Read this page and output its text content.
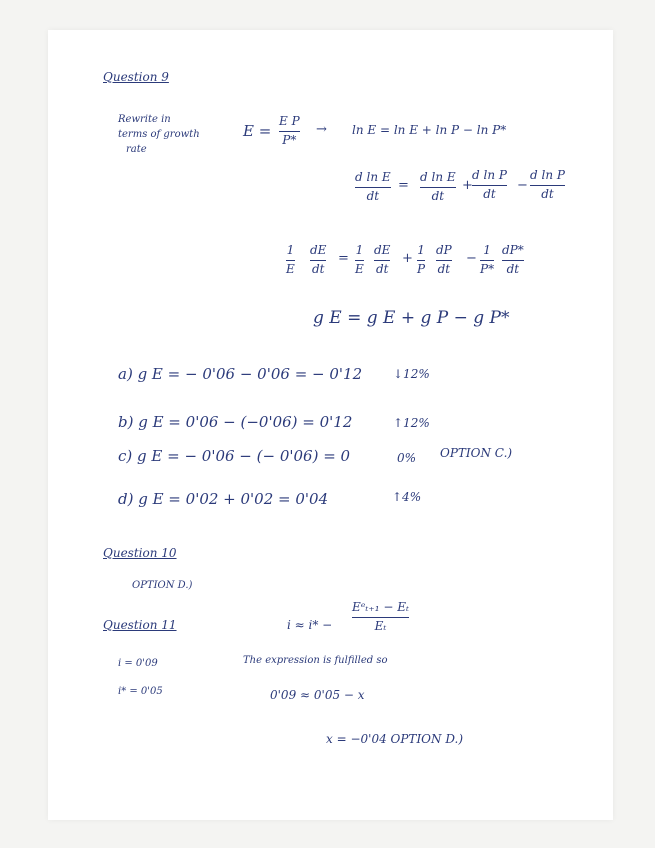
Question 9
Rewrite in
terms of growth
rate
E =
E P
P*
→ ln E = ln E + ln P − ln P*
d ln E
dt
=
d ln E
dt
+
d ln P
dt
−
d ln P
dt
1
E
dE
dt
=
1
E
dE
dt
+
1
P
dP
dt
−
1
P*
dP*
dt
g E = g E + g P − g P*
a) g E = − 0'06 − 0'06 = − 0'12	↓12%
b) g E = 0'06 − (−0'06) = 0'12	↑12%
c) g E = − 0'06 − (− 0'06) = 0	0% OPTION C.)
d) g E = 0'02 + 0'02 = 0'04	↑4%
Question 10
OPTION D.)
Question 11	i ≈ i* −
Eᵉₜ₊₁ − Eₜ
Eₜ
i = 0'09	The expression is fulfilled so
i* = 0'05	0'09 ≈ 0'05 − x
x = −0'04 OPTION D.)
